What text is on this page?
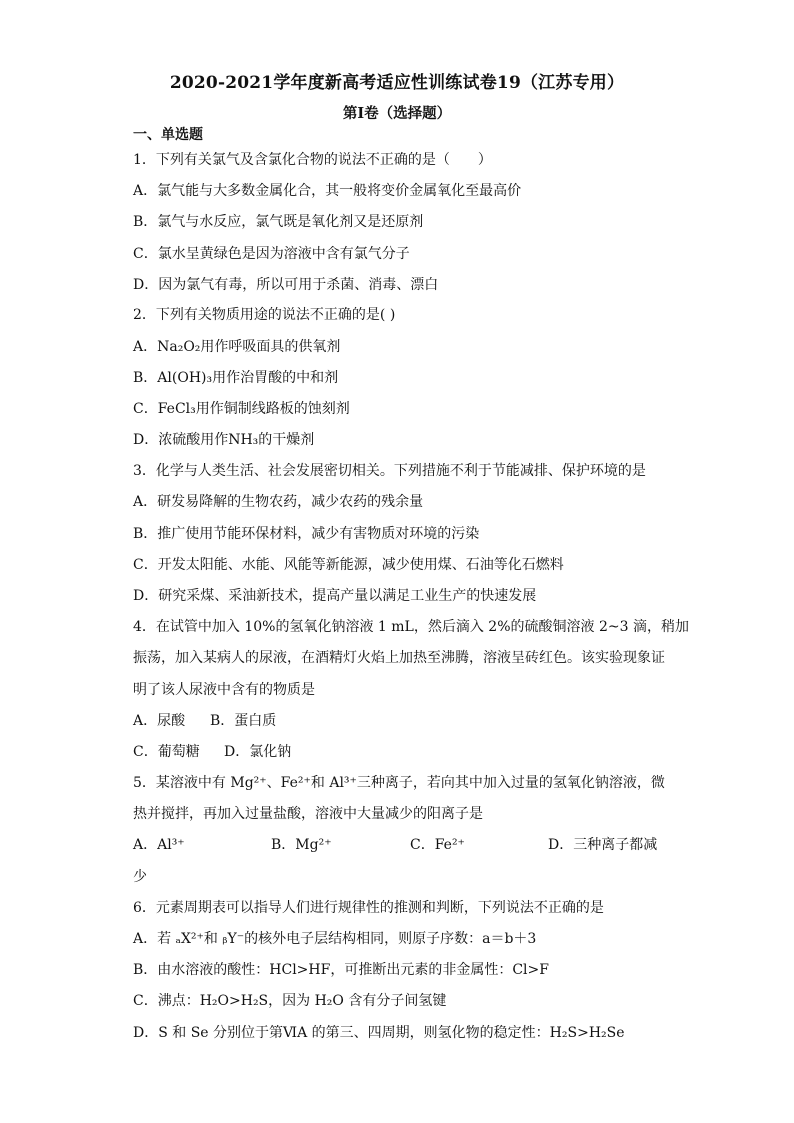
2020-2021学年度新高考适应性训练试卷19（江苏专用）
第I卷（选择题）
一、单选题
1．下列有关氯气及含氯化合物的说法不正确的是（　　）
A．氯气能与大多数金属化合，其一般将变价金属氧化至最高价
B．氯气与水反应，氯气既是氧化剂又是还原剂
C．氯水呈黄绿色是因为溶液中含有氯气分子
D．因为氯气有毒，所以可用于杀菌、消毒、漂白
2．下列有关物质用途的说法不正确的是( )
A．Na₂O₂用作呼吸面具的供氧剂
B．Al(OH)₃用作治胃酸的中和剂
C．FeCl₃用作铜制线路板的蚀刻剂
D．浓硫酸用作NH₃的干燥剂
3．化学与人类生活、社会发展密切相关。下列措施不利于节能减排、保护环境的是
A．研发易降解的生物农药，减少农药的残余量
B．推广使用节能环保材料，减少有害物质对环境的污染
C．开发太阳能、水能、风能等新能源，减少使用煤、石油等化石燃料
D．研究采煤、采油新技术，提高产量以满足工业生产的快速发展
4．在试管中加入 10%的氢氧化钠溶液 1 mL，然后滴入 2%的硫酸铜溶液 2~3 滴，稍加
振荡，加入某病人的尿液，在酒精灯火焰上加热至沸腾，溶液呈砖红色。该实验现象证
明了该人尿液中含有的物质是
A．尿酸 B．蛋白质
C．葡萄糖 D．氯化钠
5．某溶液中有 Mg²⁺、Fe²⁺和 Al³⁺三种离子，若向其中加入过量的氢氧化钠溶液，微
热并搅拌，再加入过量盐酸，溶液中大量减少的阳离子是
A．Al³⁺	B．Mg²⁺	C．Fe²⁺	D．三种离子都减
少
6．元素周期表可以指导人们进行规律性的推测和判断，下列说法不正确的是
A．若 ₐX²⁺和 ᵦY⁻的核外电子层结构相同，则原子序数：a＝b＋3
B．由水溶液的酸性：HCl>HF，可推断出元素的非金属性：Cl>F
C．沸点：H₂O>H₂S，因为 H₂O 含有分子间氢键
D．S 和 Se 分别位于第ⅥA 的第三、四周期，则氢化物的稳定性：H₂S>H₂Se
